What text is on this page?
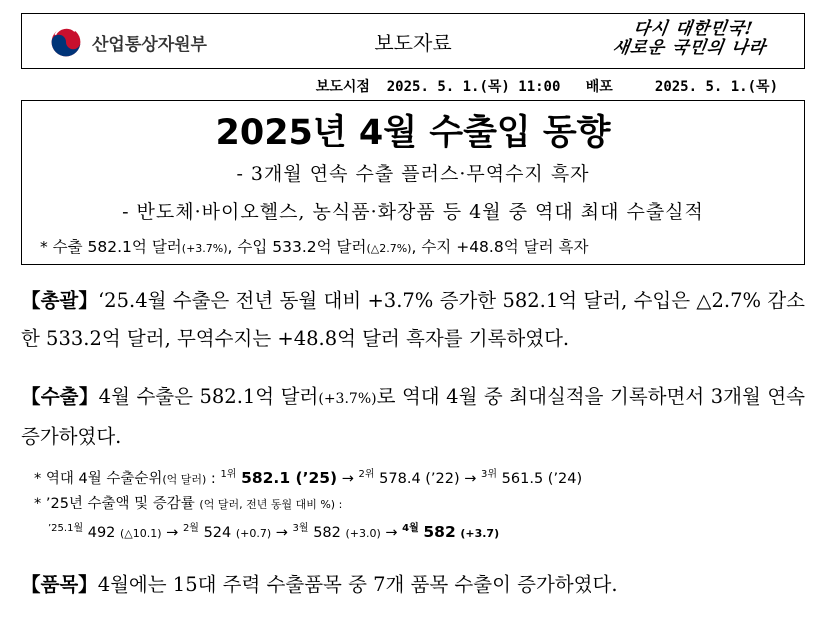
산업통상자원부	보도자료
다시 대한민국!
새로운 국민의 나라
보도시점  2025. 5. 1.(목) 11:00   배포     2025. 5. 1.(목)
2025년 4월 수출입 동향
- 3개월 연속 수출 플러스·무역수지 흑자
- 반도체·바이오헬스, 농식품·화장품 등 4월 중 역대 최대 수출실적
* 수출 582.1억 달러(+3.7%), 수입 533.2억 달러(△2.7%), 수지 +48.8억 달러 흑자
【총괄】‘25.4월 수출은 전년 동월 대비 +3.7% 증가한 582.1억 달러, 수입은 △2.7% 감소한 533.2억 달러, 무역수지는 +48.8억 달러 흑자를 기록하였다.
【수출】4월 수출은 582.1억 달러(+3.7%)로 역대 4월 중 최대실적을 기록하면서 3개월 연속 증가하였다.
* 역대 4월 수출순위(억 달러) : $^{1위}$ 582.1 (’25) → $^{2위}$ 578.4 (’22) → $^{3위}$ 561.5 (’24)
* ’25년 수출액 및 증감률 (억 달러, 전년 동월 대비 %) :
$^{’25.1월}$ 492 (△10.1) → $^{2월}$ 524 (+0.7) → $^{3월}$ 582 (+3.0) → $^{4월}$ 582 (+3.7)
【품목】4월에는 15대 주력 수출품목 중 7개 품목 수출이 증가하였다.
